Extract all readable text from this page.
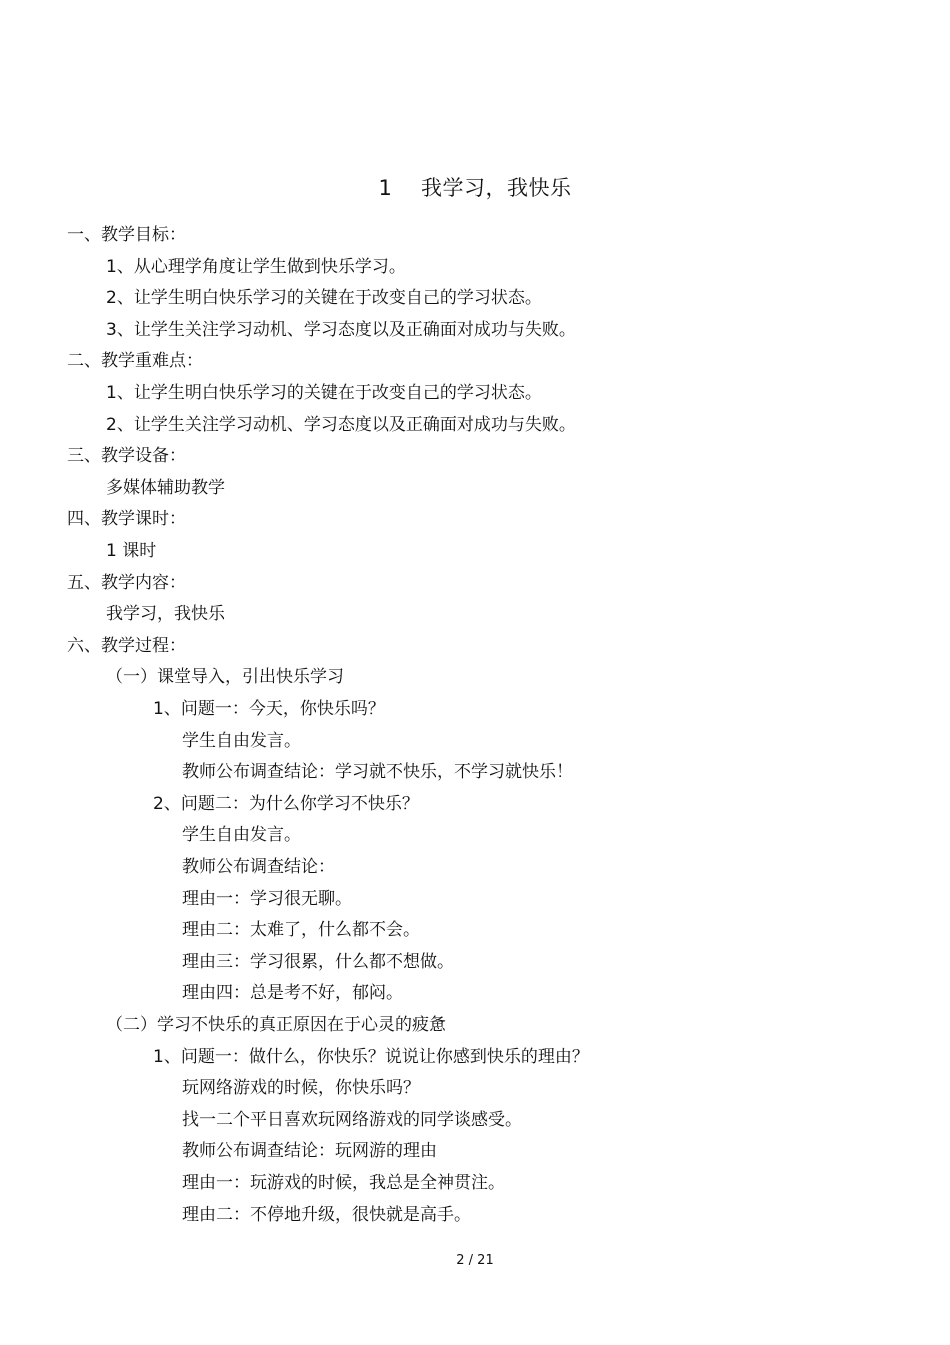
1    我学习，我快乐
一、教学目标：
1、从心理学角度让学生做到快乐学习。
2、让学生明白快乐学习的关键在于改变自己的学习状态。
3、让学生关注学习动机、学习态度以及正确面对成功与失败。
二、教学重难点：
1、让学生明白快乐学习的关键在于改变自己的学习状态。
2、让学生关注学习动机、学习态度以及正确面对成功与失败。
三、教学设备：
多媒体辅助教学
四、教学课时：
1 课时
五、教学内容：
我学习，我快乐
六、教学过程：
（一）课堂导入，引出快乐学习
1、问题一：今天，你快乐吗？
学生自由发言。
教师公布调查结论：学习就不快乐，不学习就快乐！
2、问题二：为什么你学习不快乐？
学生自由发言。
教师公布调查结论：
理由一：学习很无聊。
理由二：太难了，什么都不会。
理由三：学习很累，什么都不想做。
理由四：总是考不好，郁闷。
（二）学习不快乐的真正原因在于心灵的疲惫
1、问题一：做什么，你快乐？说说让你感到快乐的理由？
玩网络游戏的时候，你快乐吗？
找一二个平日喜欢玩网络游戏的同学谈感受。
教师公布调查结论：玩网游的理由
理由一：玩游戏的时候，我总是全神贯注。
理由二：不停地升级，很快就是高手。
2 / 21
